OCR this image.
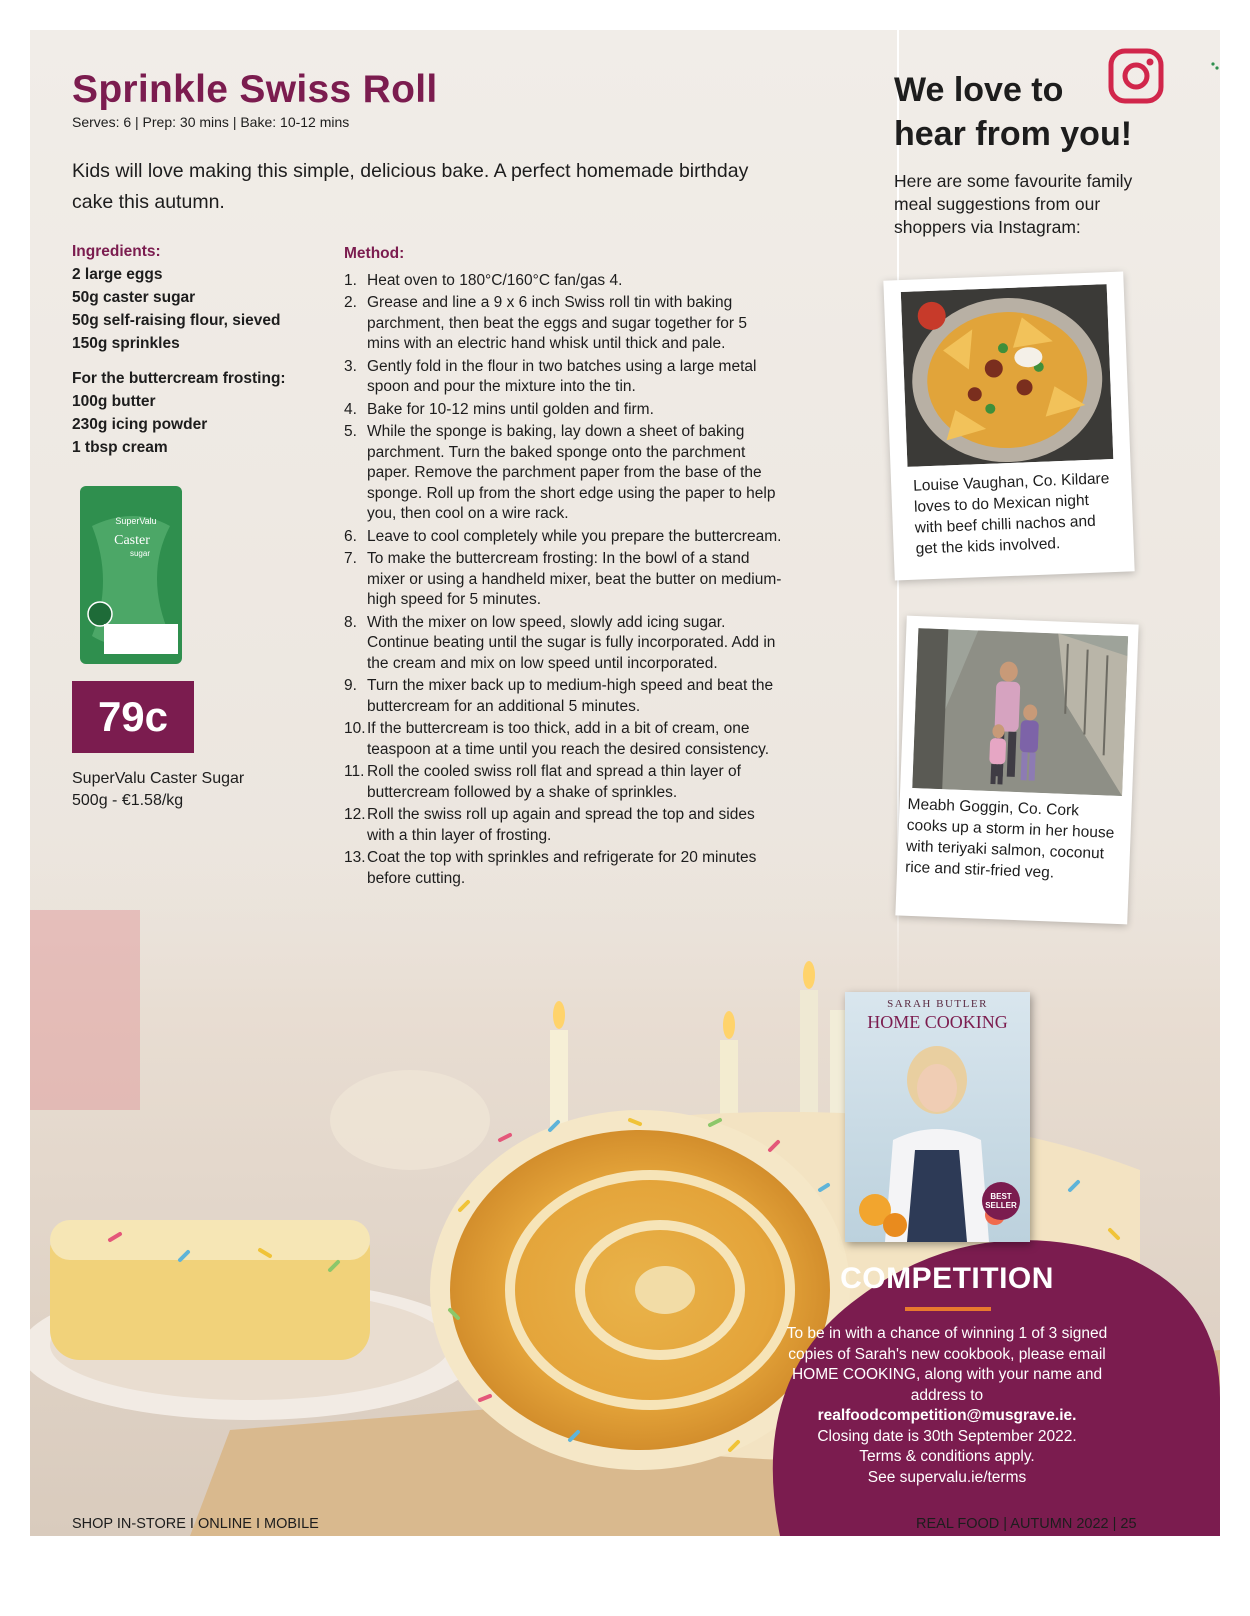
Sprinkle Swiss Roll
Serves: 6 | Prep: 30 mins | Bake: 10-12 mins
Kids will love making this simple, delicious bake. A perfect homemade birthday cake this autumn.
Ingredients:
2 large eggs
50g caster sugar
50g self-raising flour, sieved
150g sprinkles
For the buttercream frosting:
100g butter
230g icing powder
1 tbsp cream
SuperValu
Caster
sugar
79c
SuperValu Caster Sugar
500g - €1.58/kg
Method:
1. Heat oven to 180°C/160°C fan/gas 4.
2. Grease and line a 9 x 6 inch Swiss roll tin with baking parchment, then beat the eggs and sugar together for 5 mins with an electric hand whisk until thick and pale.
3. Gently fold in the flour in two batches using a large metal spoon and pour the mixture into the tin.
4. Bake for 10-12 mins until golden and firm.
5. While the sponge is baking, lay down a sheet of baking parchment. Turn the baked sponge onto the parchment paper. Remove the parchment paper from the base of the sponge. Roll up from the short edge using the paper to help you, then cool on a wire rack.
6. Leave to cool completely while you prepare the buttercream.
7. To make the buttercream frosting: In the bowl of a stand mixer or using a handheld mixer, beat the butter on medium-high speed for 5 minutes.
8. With the mixer on low speed, slowly add icing sugar. Continue beating until the sugar is fully incorporated. Add in the cream and mix on low speed until incorporated.
9. Turn the mixer back up to medium-high speed and beat the buttercream for an additional 5 minutes.
10. If the buttercream is too thick, add in a bit of cream, one teaspoon at a time until you reach the desired consistency.
11. Roll the cooled swiss roll flat and spread a thin layer of buttercream followed by a shake of sprinkles.
12. Roll the swiss roll up again and spread the top and sides with a thin layer of frosting.
13. Coat the top with sprinkles and refrigerate for 20 minutes before cutting.
We love to
hear from you!
Here are some favourite family meal suggestions from our shoppers via Instagram:
Louise Vaughan, Co. Kildare loves to do Mexican night with beef chilli nachos and get the kids involved.
Meabh Goggin, Co. Cork cooks up a storm in her house with teriyaki salmon, coconut rice and stir-fried veg.
SARAH BUTLER
HOME COOKING
BEST
SELLER
COMPETITION
To be in with a chance of winning 1 of 3 signed copies of Sarah's new cookbook, please email HOME COOKING, along with your name and address to
realfoodcompetition@musgrave.ie.
Closing date is 30th September 2022.
Terms & conditions apply.
See supervalu.ie/terms
SHOP IN-STORE I ONLINE I MOBILE	REAL FOOD | AUTUMN 2022 | 25
